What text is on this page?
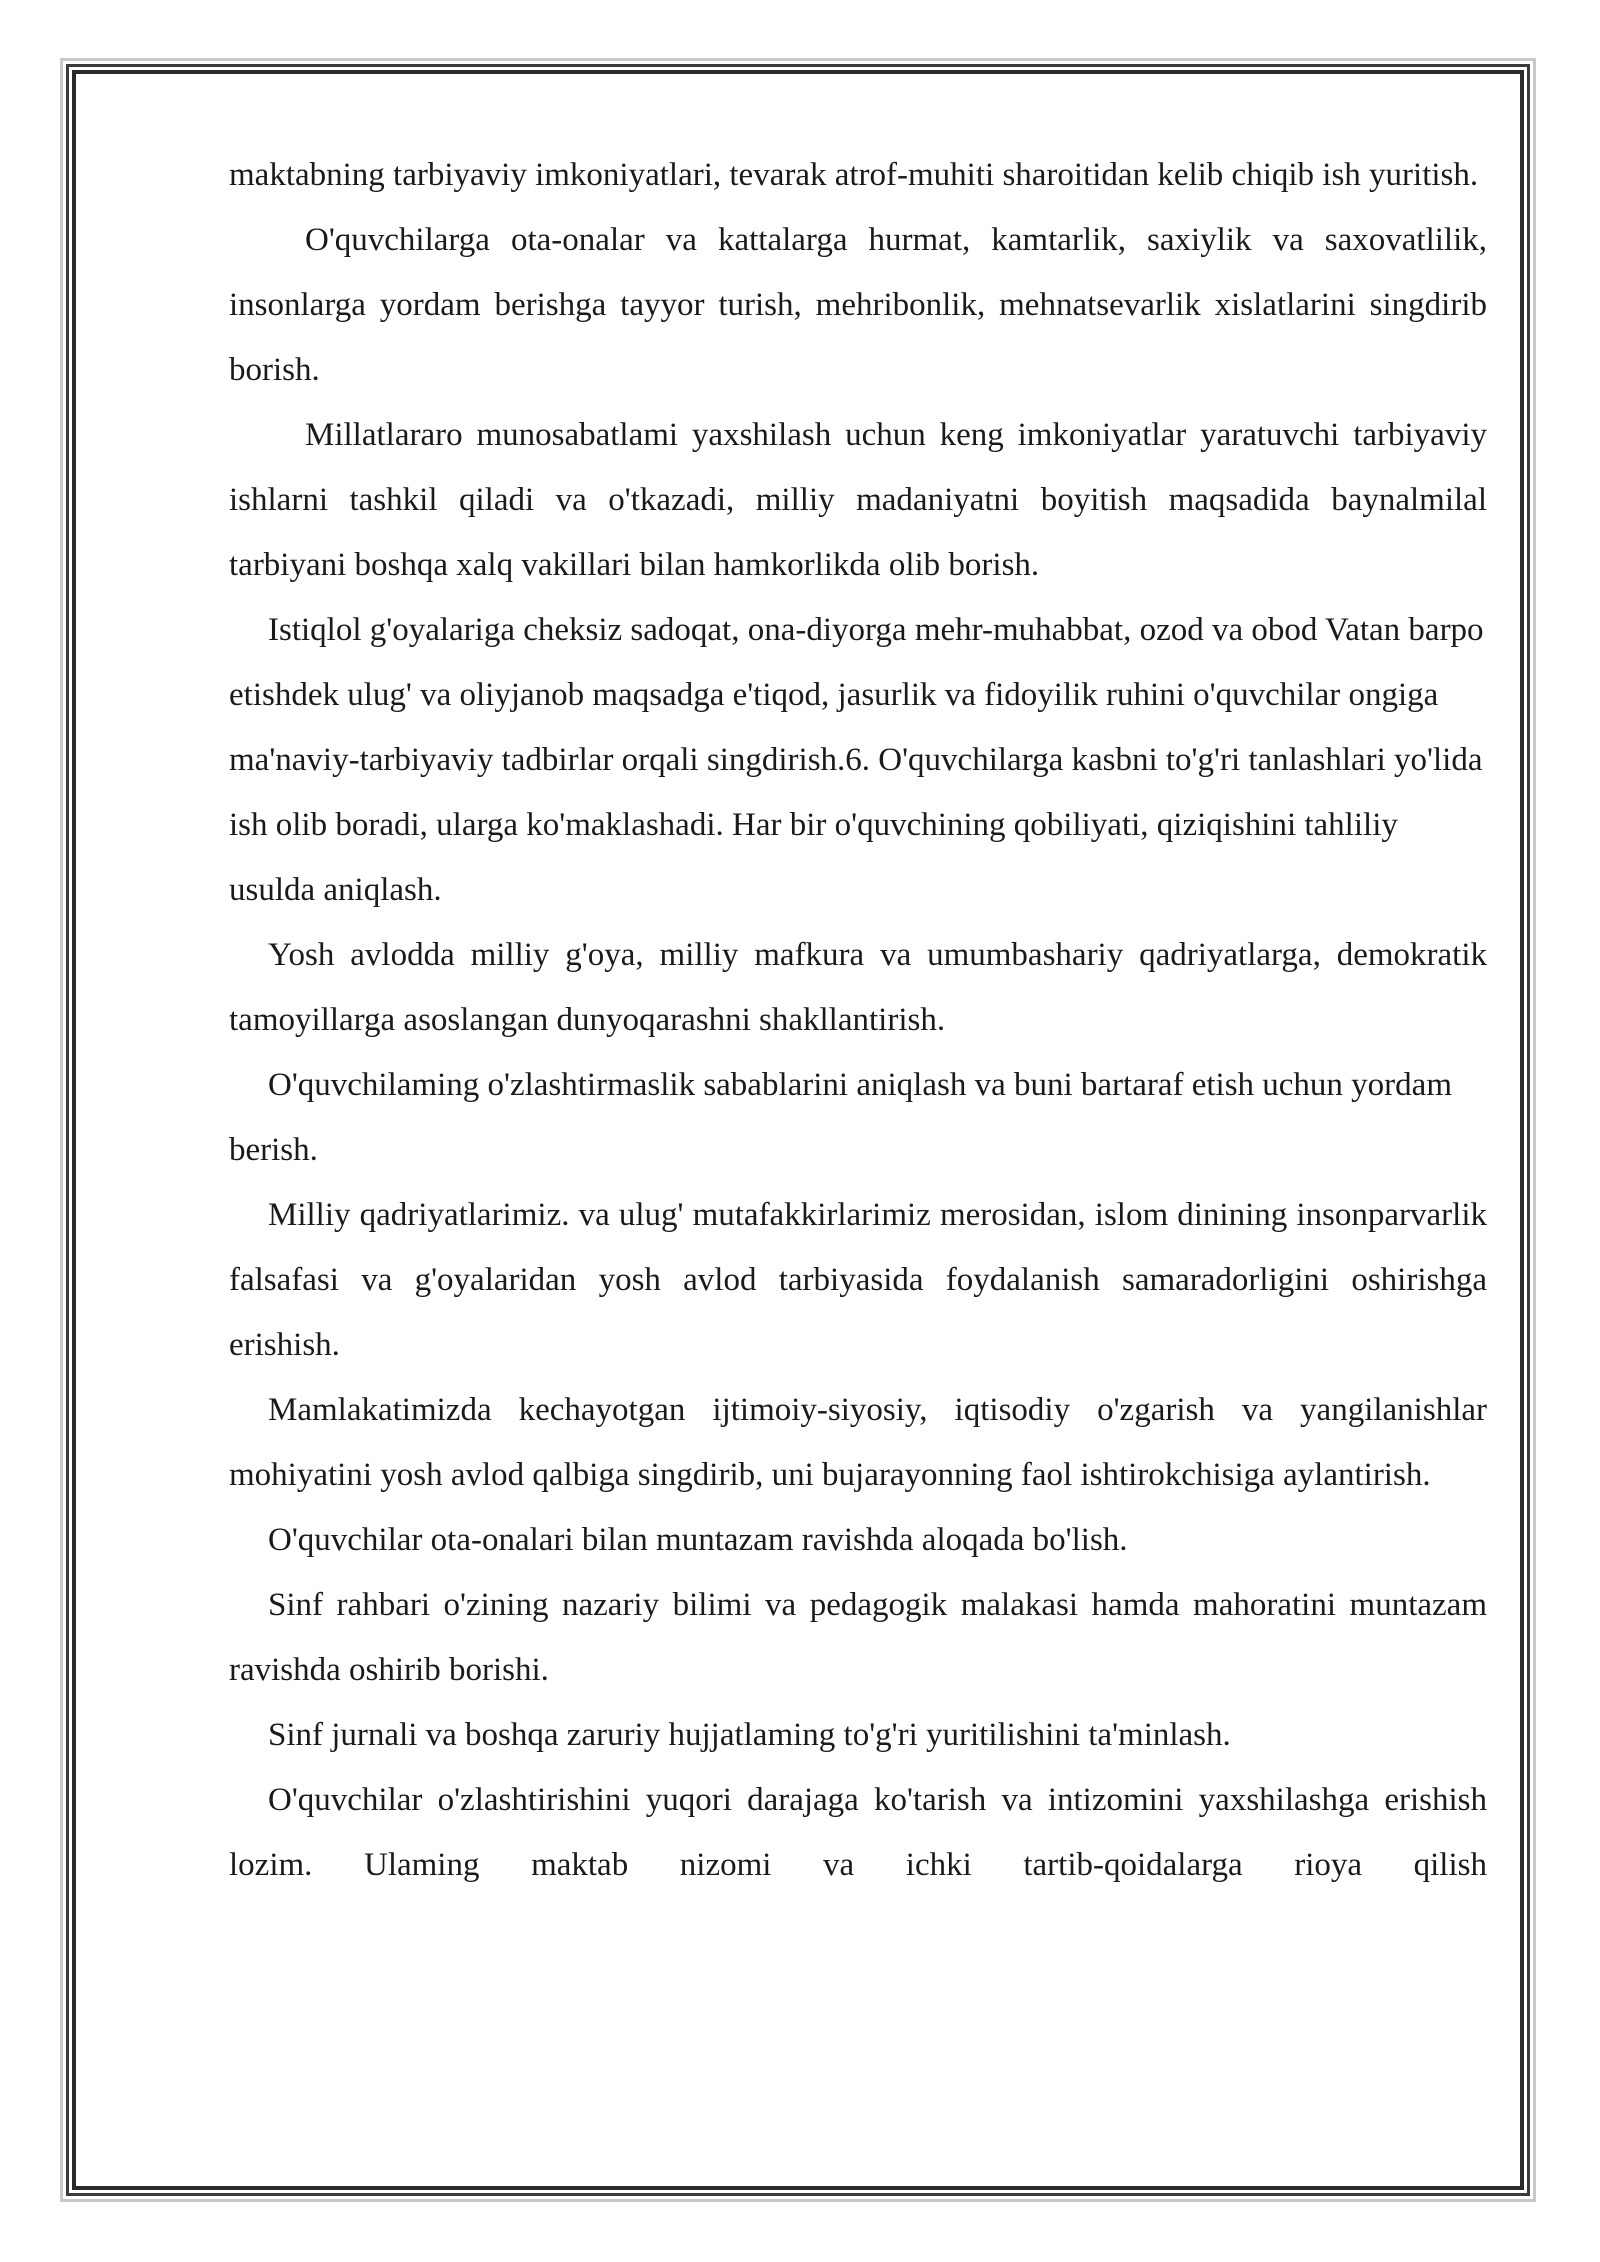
maktabning tarbiyaviy imkoniyatlari, tevarak atrof-muhiti sharoitidan kelib chiqib ish yuritish.

O'quvchilarga ota-onalar va kattalarga hurmat, kamtarlik, saxiylik va saxovatlilik, insonlarga yordam berishga tayyor turish, mehribonlik, mehnatsevarlik xislatlarini singdirib borish.

Millatlararo munosabatlami yaxshilash uchun keng imkoniyatlar yaratuvchi tarbiyaviy ishlarni tashkil qiladi va o'tkazadi, milliy madaniyatni boyitish maqsadida baynalmilal tarbiyani boshqa xalq vakillari bilan hamkorlikda olib borish.

Istiqlol g'oyalariga cheksiz sadoqat, ona-diyorga mehr-muhabbat, ozod va obod Vatan barpo etishdek ulug' va oliyjanob maqsadga e'tiqod, jasurlik va fidoyilik ruhini o'quvchilar ongiga ma'naviy-tarbiyaviy tadbirlar orqali singdirish.6. O'quvchilarga kasbni to'g'ri tanlashlari yo'lida ish olib boradi, ularga ko'maklashadi. Har bir o'quvchining qobiliyati, qiziqishini tahliliy usulda aniqlash.

Yosh avlodda milliy g'oya, milliy mafkura va umumbashariy qadriyatlarga, demokratik tamoyillarga asoslangan dunyoqarashni shakllantirish.

O'quvchilaming o'zlashtirmaslik sabablarini aniqlash va buni bartaraf etish uchun yordam berish.

Milliy qadriyatlarimiz. va ulug' mutafakkirlarimiz merosidan, islom dinining insonparvarlik falsafasi va g'oyalaridan yosh avlod tarbiyasida foydalanish samaradorligini oshirishga erishish.

Mamlakatimizda kechayotgan ijtimoiy-siyosiy, iqtisodiy o'zgarish va yangilanishlar mohiyatini yosh avlod qalbiga singdirib, uni bujarayonning faol ishtirokchisiga aylantirish.

O'quvchilar ota-onalari bilan muntazam ravishda aloqada bo'lish.

Sinf rahbari o'zining nazariy bilimi va pedagogik malakasi hamda mahoratini muntazam ravishda oshirib borishi.

Sinf jurnali va boshqa zaruriy hujjatlaming to'g'ri yuritilishini ta'minlash.

O'quvchilar o'zlashtirishini yuqori darajaga ko'tarish va intizomini yaxshilashga erishish lozim. Ulaming maktab nizomi va ichki tartib-qoidalarga rioya qilish
